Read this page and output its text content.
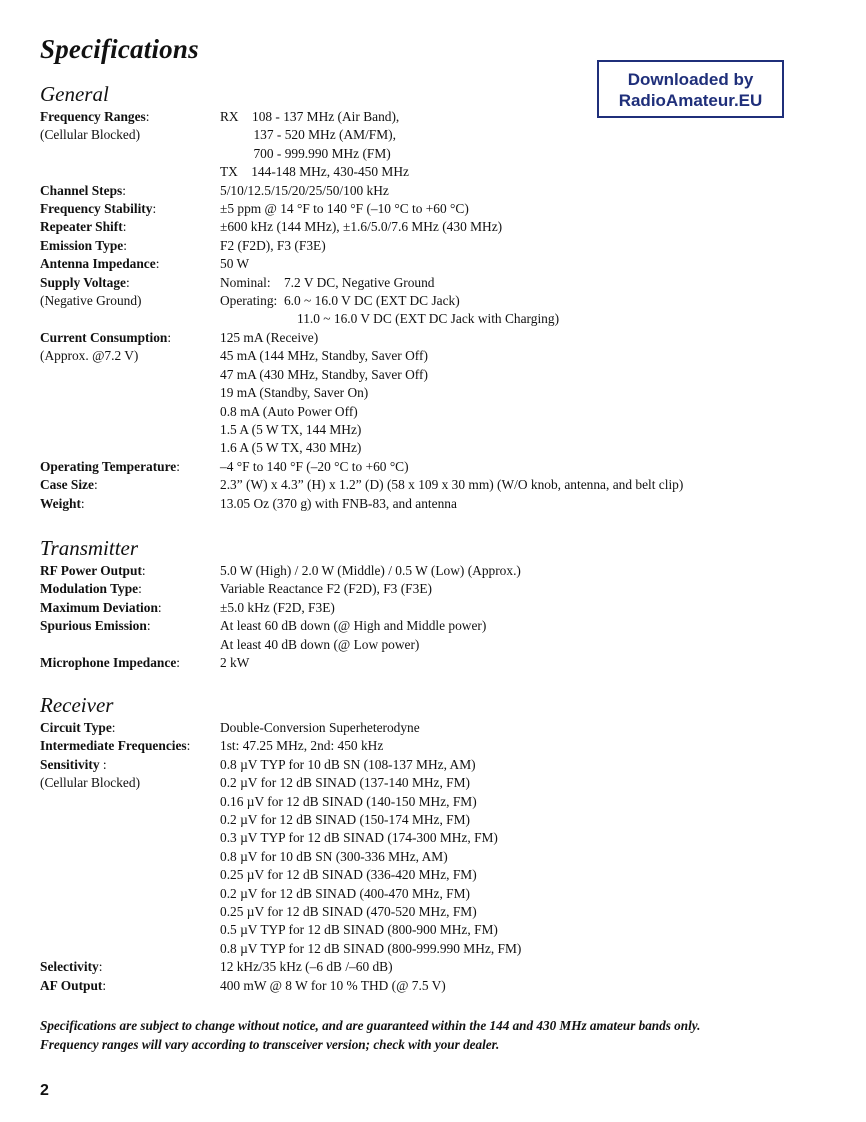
Specifications
Downloaded by
RadioAmateur.EU
General
Frequency Ranges:	RX 108 - 137 MHz (Air Band),
(Cellular Blocked)	   137 - 520 MHz (AM/FM),
   700 - 999.990 MHz (FM)
TX 144-148 MHz, 430-450 MHz
Channel Steps:	5/10/12.5/15/20/25/50/100 kHz
Frequency Stability:	±5 ppm @ 14 °F to 140 °F (–10 °C to +60 °C)
Repeater Shift:	±600 kHz (144 MHz), ±1.6/5.0/7.6 MHz (430 MHz)
Emission Type:	F2 (F2D), F3 (F3E)
Antenna Impedance:	50 W
Supply Voltage:	Nominal: 7.2 V DC, Negative Ground
(Negative Ground)	Operating: 6.0 ~ 16.0 V DC (EXT DC Jack)
       11.0 ~ 16.0 V DC (EXT DC Jack with Charging)
Current Consumption:	125 mA (Receive)
(Approx. @7.2 V)	45 mA (144 MHz, Standby, Saver Off)
47 mA (430 MHz, Standby, Saver Off)
19 mA (Standby, Saver On)
0.8 mA (Auto Power Off)
1.5 A (5 W TX, 144 MHz)
1.6 A (5 W TX, 430 MHz)
Operating Temperature:	–4 °F to 140 °F (–20 °C to +60 °C)
Case Size:	2.3” (W) x 4.3” (H) x 1.2” (D) (58 x 109 x 30 mm) (W/O knob, antenna, and belt clip)
Weight:	13.05 Oz (370 g) with FNB-83, and antenna
Transmitter
RF Power Output:	5.0 W (High) / 2.0 W (Middle) / 0.5 W (Low) (Approx.)
Modulation Type:	Variable Reactance F2 (F2D), F3 (F3E)
Maximum Deviation:	±5.0 kHz (F2D, F3E)
Spurious Emission:	At least 60 dB down (@ High and Middle power)
At least 40 dB down (@ Low power)
Microphone Impedance:	2 kW
Receiver
Circuit Type:	Double-Conversion Superheterodyne
Intermediate Frequencies:	1st: 47.25 MHz, 2nd: 450 kHz
Sensitivity :	0.8 µV TYP for 10 dB SN (108-137 MHz, AM)
(Cellular Blocked)	0.2 µV for 12 dB SINAD (137-140 MHz, FM)
0.16 µV for 12 dB SINAD (140-150 MHz, FM)
0.2 µV for 12 dB SINAD (150-174 MHz, FM)
0.3 µV TYP for 12 dB SINAD (174-300 MHz, FM)
0.8 µV for 10 dB SN (300-336 MHz, AM)
0.25 µV for 12 dB SINAD (336-420 MHz, FM)
0.2 µV for 12 dB SINAD (400-470 MHz, FM)
0.25 µV for 12 dB SINAD (470-520 MHz, FM)
0.5 µV TYP for 12 dB SINAD (800-900 MHz, FM)
0.8 µV TYP for 12 dB SINAD (800-999.990 MHz, FM)
Selectivity:	12 kHz/35 kHz (–6 dB /–60 dB)
AF Output:	400 mW @ 8 W for 10 % THD (@ 7.5 V)
Specifications are subject to change without notice, and are guaranteed within the 144 and 430 MHz amateur bands only.
Frequency ranges will vary according to transceiver version; check with your dealer.
2
